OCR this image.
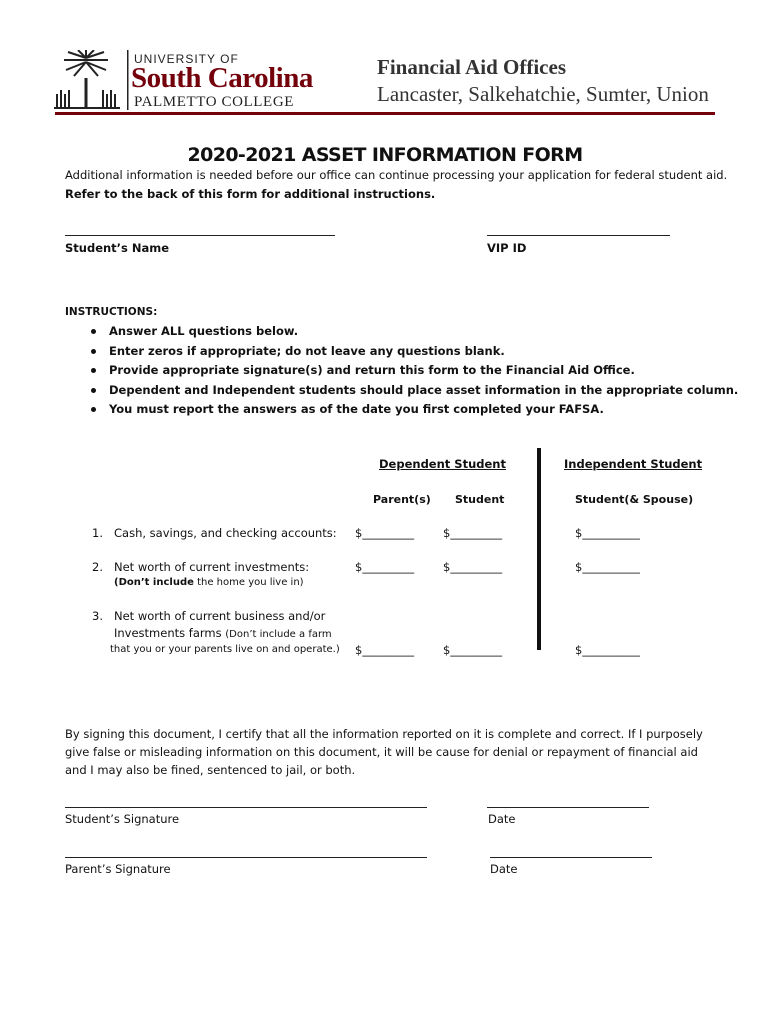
UNIVERSITY OF
South Carolina
PALMETTO COLLEGE
Financial Aid Offices
Lancaster, Salkehatchie, Sumter, Union
2020-2021 ASSET INFORMATION FORM
Additional information is needed before our office can continue processing your application for federal student aid.
Refer to the back of this form for additional instructions.
Student’s Name	VIP ID
INSTRUCTIONS:
Answer ALL questions below.
Enter zeros if appropriate; do not leave any questions blank.
Provide appropriate signature(s) and return this form to the Financial Aid Office.
Dependent and Independent students should place asset information in the appropriate column.
You must report the answers as of the date you first completed your FAFSA.
Dependent Student	Independent Student
Parent(s) Student	Student(& Spouse)
1. Cash, savings, and checking accounts: $_________	$_________	$__________
2. Net worth of current investments:
(Don’t include the home you live in)
$_________	$_________	$__________
3. Net worth of current business and/or
Investments farms (Don’t include a farm
that you or your parents live on and operate.) $_________	$_________	$__________
By signing this document, I certify that all the information reported on it is complete and correct. If I purposely give false or misleading information on this document, it will be cause for denial or repayment of financial aid and I may also be fined, sentenced to jail, or both.
Student’s Signature	Date
Parent’s Signature	Date
